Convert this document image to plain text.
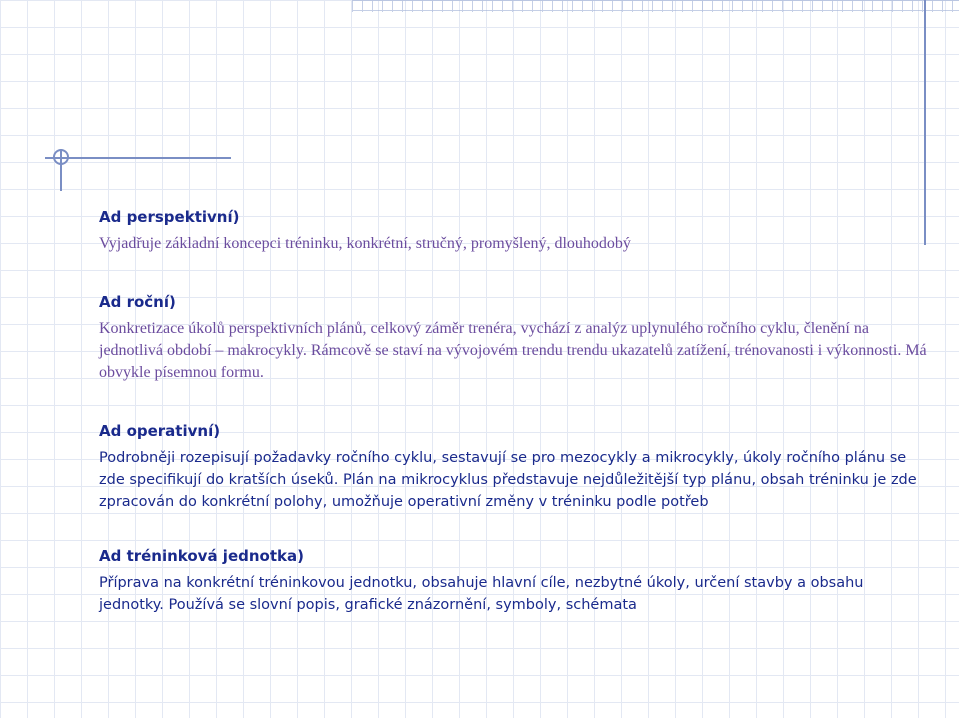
Ad perspektivní)

Vyjadřuje základní koncepci tréninku, konkrétní, stručný, promyšlený, dlouhodobý

Ad roční)

Konkretizace úkolů perspektivních plánů, celkový záměr trenéra, vychází z analýz uplynulého ročního cyklu, členění na jednotlivá období – makrocykly. Rámcově se staví na vývojovém trendu trendu ukazatelů zatížení, trénovanosti i výkonnosti. Má obvykle písemnou formu.

Ad operativní)

Podrobněji rozepisují požadavky ročního cyklu, sestavují se pro mezocykly a mikrocykly, úkoly ročního plánu se zde specifikují do kratších úseků. Plán na mikrocyklus představuje nejdůležitější typ plánu, obsah tréninku je zde zpracován do konkrétní polohy, umožňuje operativní změny v tréninku podle potřeb

Ad tréninková jednotka)

Příprava na konkrétní tréninkovou jednotku, obsahuje hlavní cíle, nezbytné úkoly, určení stavby a obsahu jednotky. Používá se slovní popis, grafické znázornění, symboly, schémata
